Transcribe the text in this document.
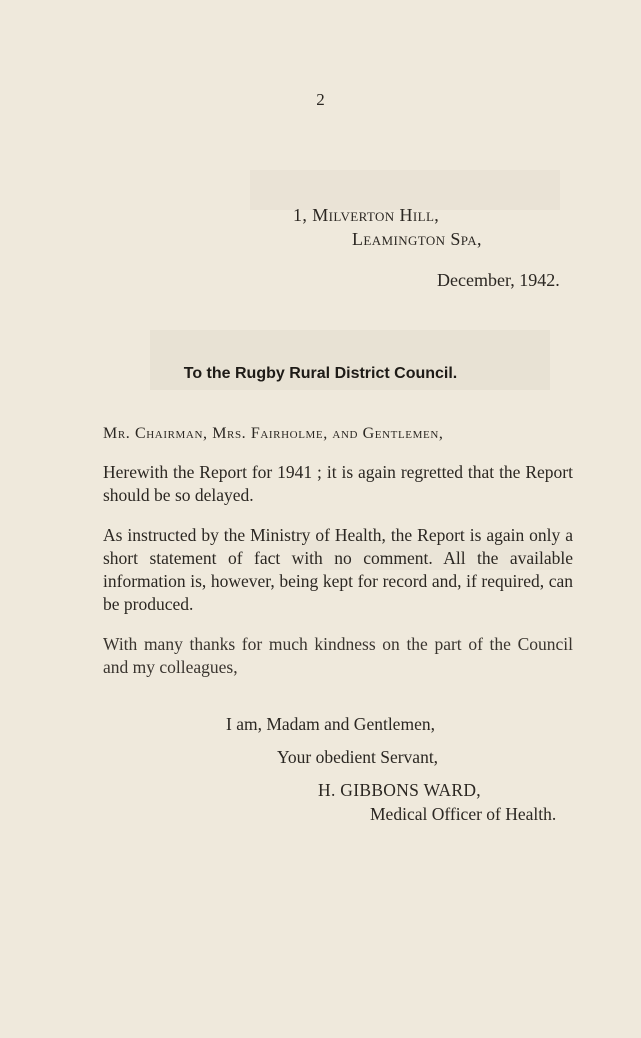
2
1, Milverton Hill,
Leamington Spa,
December, 1942.
To the Rugby Rural District Council.
Mr. Chairman, Mrs. Fairholme, and Gentlemen,
Herewith the Report for 1941 ; it is again regretted that the Report should be so delayed.
As instructed by the Ministry of Health, the Report is again only a short statement of fact with no comment. All the available information is, however, being kept for record and, if required, can be produced.
With many thanks for much kindness on the part of the Council and my colleagues,
I am, Madam and Gentlemen,
Your obedient Servant,
H. GIBBONS WARD,
Medical Officer of Health.
